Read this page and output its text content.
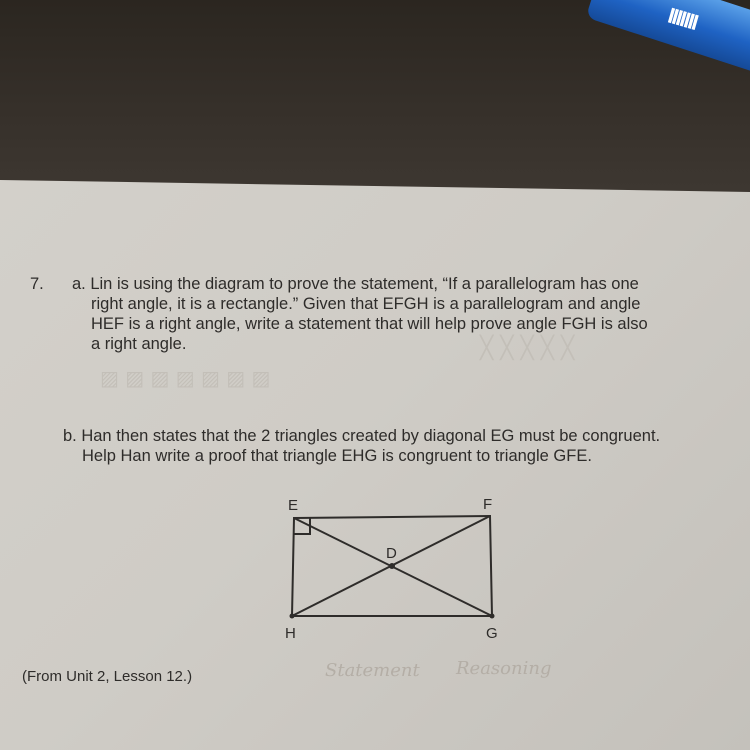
IIIIIII
╳ ╳ ╳ ╳ ╳
▨ ▨ ▨ ▨ ▨ ▨ ▨
7. a. Lin is using the diagram to prove the statement, “If a parallelogram has one
right angle, it is a rectangle.” Given that EFGH is a parallelogram and angle
HEF is a right angle, write a statement that will help prove angle FGH is also
a right angle.
b. Han then states that the 2 triangles created by diagonal EG must be congruent.
Help Han write a proof that triangle EHG is congruent to triangle GFE.
E	F
D
H	G
(From Unit 2, Lesson 12.)	Statement Reasoning
